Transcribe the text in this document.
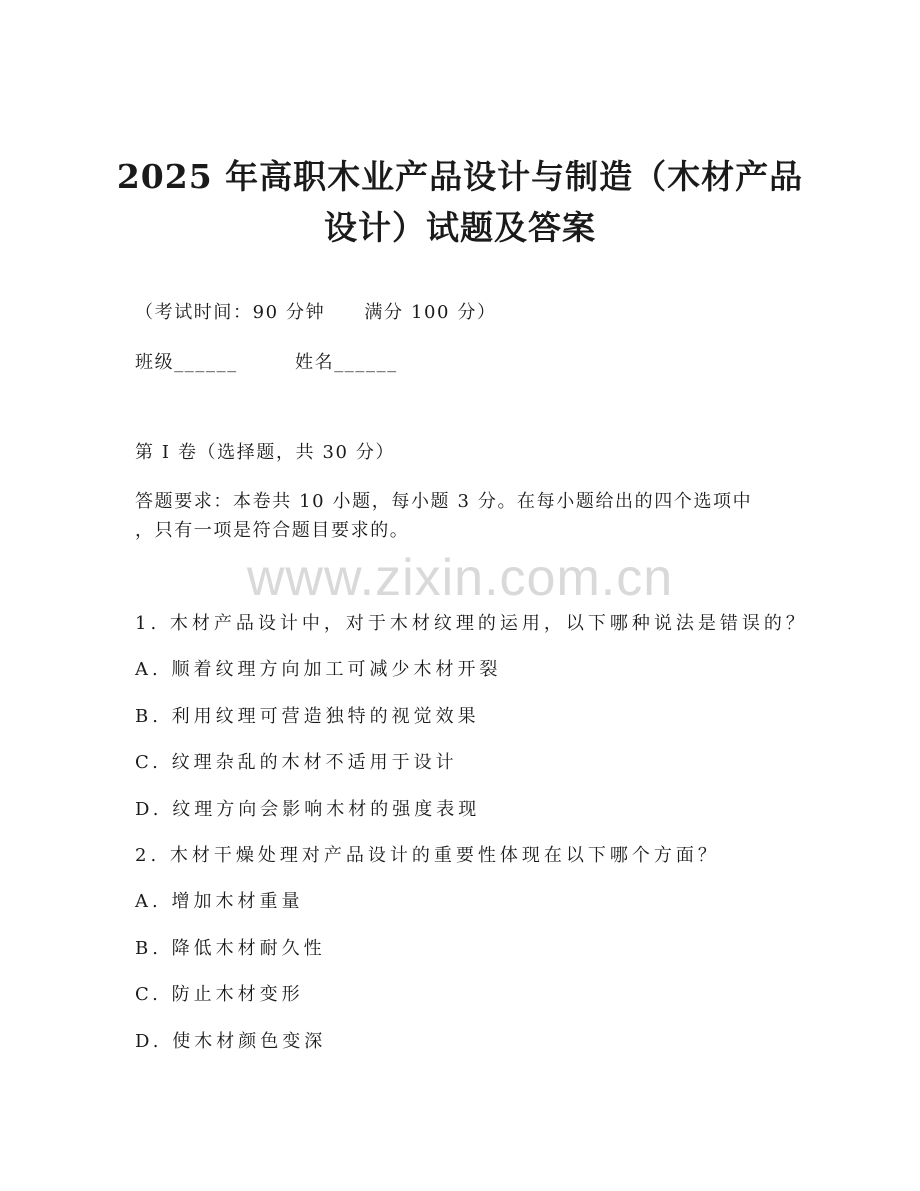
2025 年高职木业产品设计与制造（木材产品
设计）试题及答案
（考试时间：90 分钟　　满分 100 分）
班级______	姓名______
第 I 卷（选择题，共 30 分）
答题要求：本卷共 10 小题，每小题 3 分。在每小题给出的四个选项中
，只有一项是符合题目要求的。
www.zixin.com.cn
1. 木材产品设计中，对于木材纹理的运用，以下哪种说法是错误的？
A. 顺着纹理方向加工可减少木材开裂
B. 利用纹理可营造独特的视觉效果
C. 纹理杂乱的木材不适用于设计
D. 纹理方向会影响木材的强度表现
2. 木材干燥处理对产品设计的重要性体现在以下哪个方面？
A. 增加木材重量
B. 降低木材耐久性
C. 防止木材变形
D. 使木材颜色变深
